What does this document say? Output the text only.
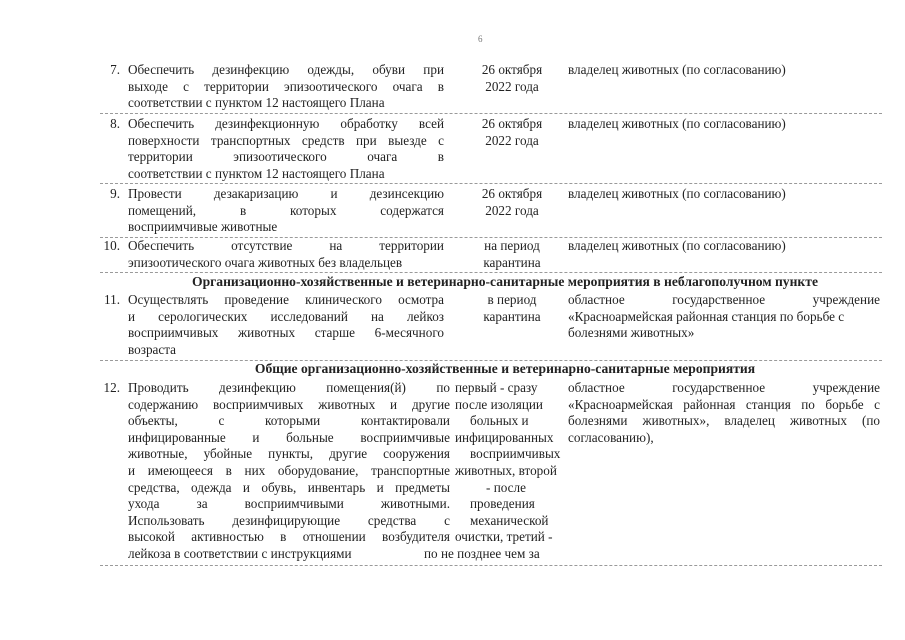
6
7. Обеспечить дезинфекцию одежды, обуви при
выходе с территории эпизоотического очага в
соответствии с пунктом 12 настоящего Плана
26 октября
2022 года
владелец животных (по согласованию)
8. Обеспечить дезинфекционную обработку всей
поверхности транспортных средств при выезде с
территории эпизоотического очага в
соответствии с пунктом 12 настоящего Плана
26 октября
2022 года
владелец животных (по согласованию)
9. Провести дезакаризацию и дезинсекцию
помещений, в которых содержатся
восприимчивые животные
26 октября
2022 года
владелец животных (по согласованию)
10. Обеспечить отсутствие на территории
эпизоотического очага животных без владельцев
на период
карантина
владелец животных (по согласованию)
Организационно-хозяйственные и ветеринарно-санитарные мероприятия в неблагополучном пункте
11. Осуществлять проведение клинического осмотра
и серологических исследований на лейкоз
восприимчивых животных старше 6-месячного
возраста
в период
карантина
областное государственное учреждение
«Красноармейская районная станция по борьбе с
болезнями животных»
Общие организационно-хозяйственные и ветеринарно-санитарные мероприятия
12. Проводить дезинфекцию помещения(й) по
содержанию восприимчивых животных и другие
объекты, с которыми контактировали
инфицированные и больные восприимчивые
животные, убойные пункты, другие сооружения
и имеющееся в них оборудование, транспортные
средства, одежда и обувь, инвентарь и предметы
ухода за восприимчивыми животными.
Использовать дезинфицирующие средства с
высокой активностью в отношении возбудителя
лейкоза в соответствии с инструкциями
первый - сразу
после изоляции
больных и
инфицированных
восприимчивых
животных, второй
- после
проведения
механической
очистки, третий -
по не позднее чем за
областное государственное учреждение
«Красноармейская районная станция по борьбе с
болезнями животных», владелец животных (по
согласованию),
